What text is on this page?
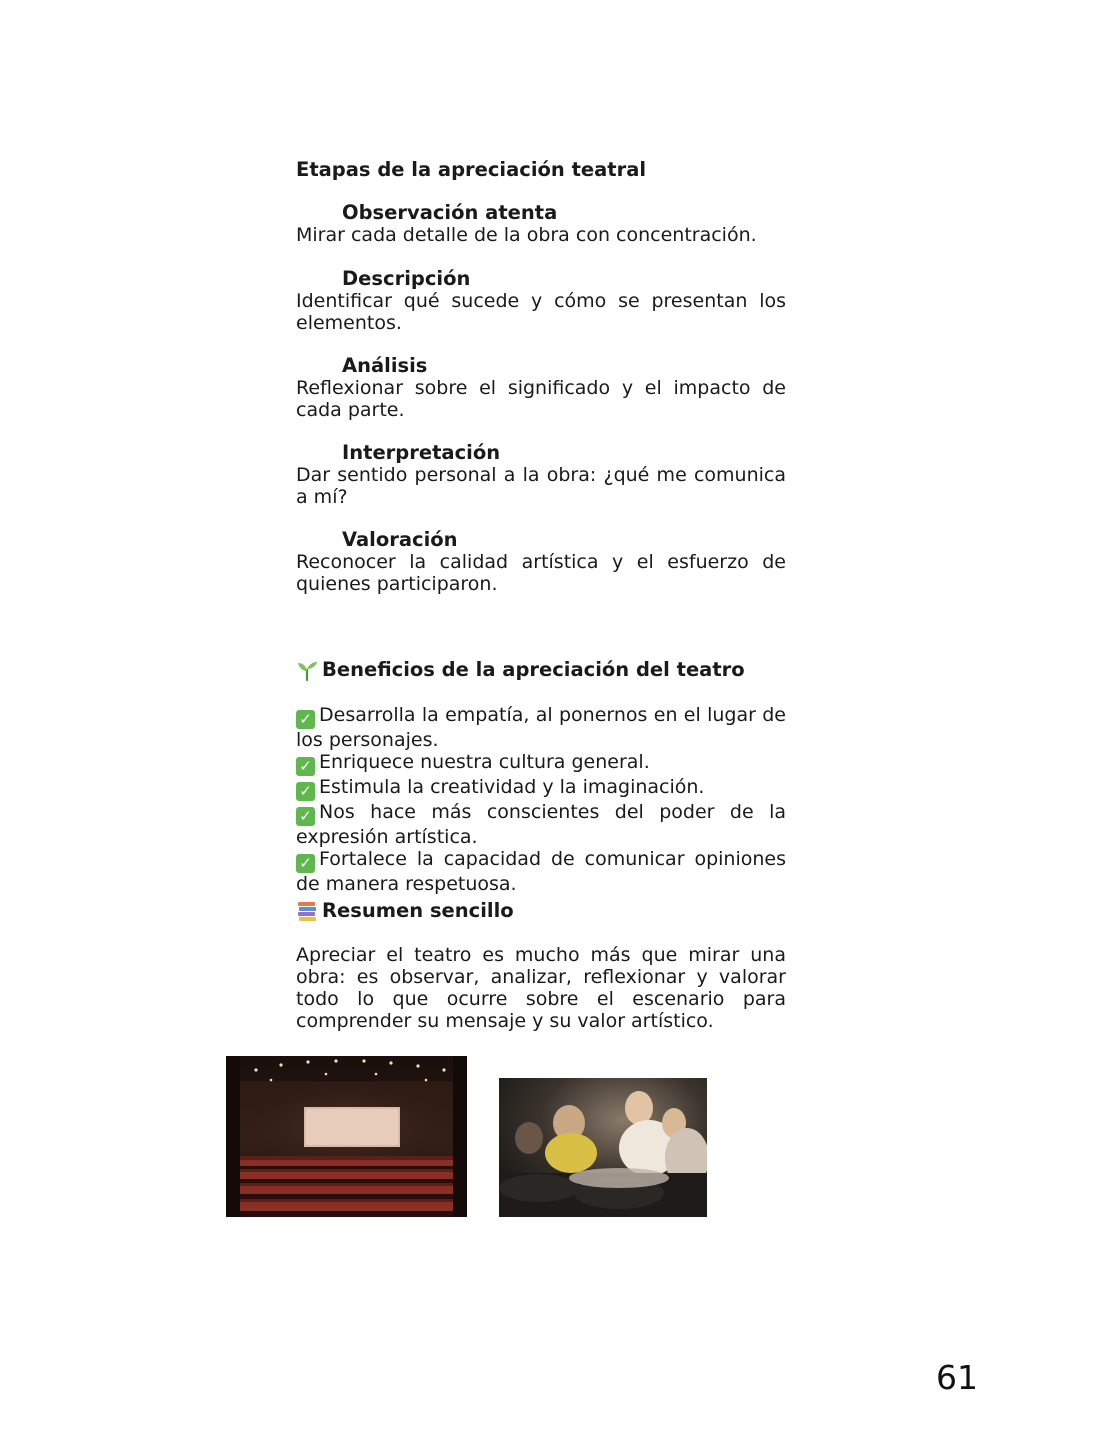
Etapas de la apreciación teatral
Observación atenta

Mirar cada detalle de la obra con concentración.

Descripción

Identificar qué sucede y cómo se presentan los elementos.

Análisis

Reflexionar sobre el significado y el impacto de cada parte.

Interpretación

Dar sentido personal a la obra: ¿qué me comunica a mí?

Valoración

Reconocer la calidad artística y el esfuerzo de quienes participaron.

Beneficios de la apreciación del teatro

✓ Desarrolla la empatía, al ponernos en el lugar de los personajes.

✓ Enriquece nuestra cultura general.

✓ Estimula la creatividad y la imaginación.

✓ Nos hace más conscientes del poder de la expresión artística.

✓ Fortalece la capacidad de comunicar opiniones de manera respetuosa.

Resumen sencillo

Apreciar el teatro es mucho más que mirar una obra: es observar, analizar, reflexionar y valorar todo lo que ocurre sobre el escenario para comprender su mensaje y su valor artístico.

61
